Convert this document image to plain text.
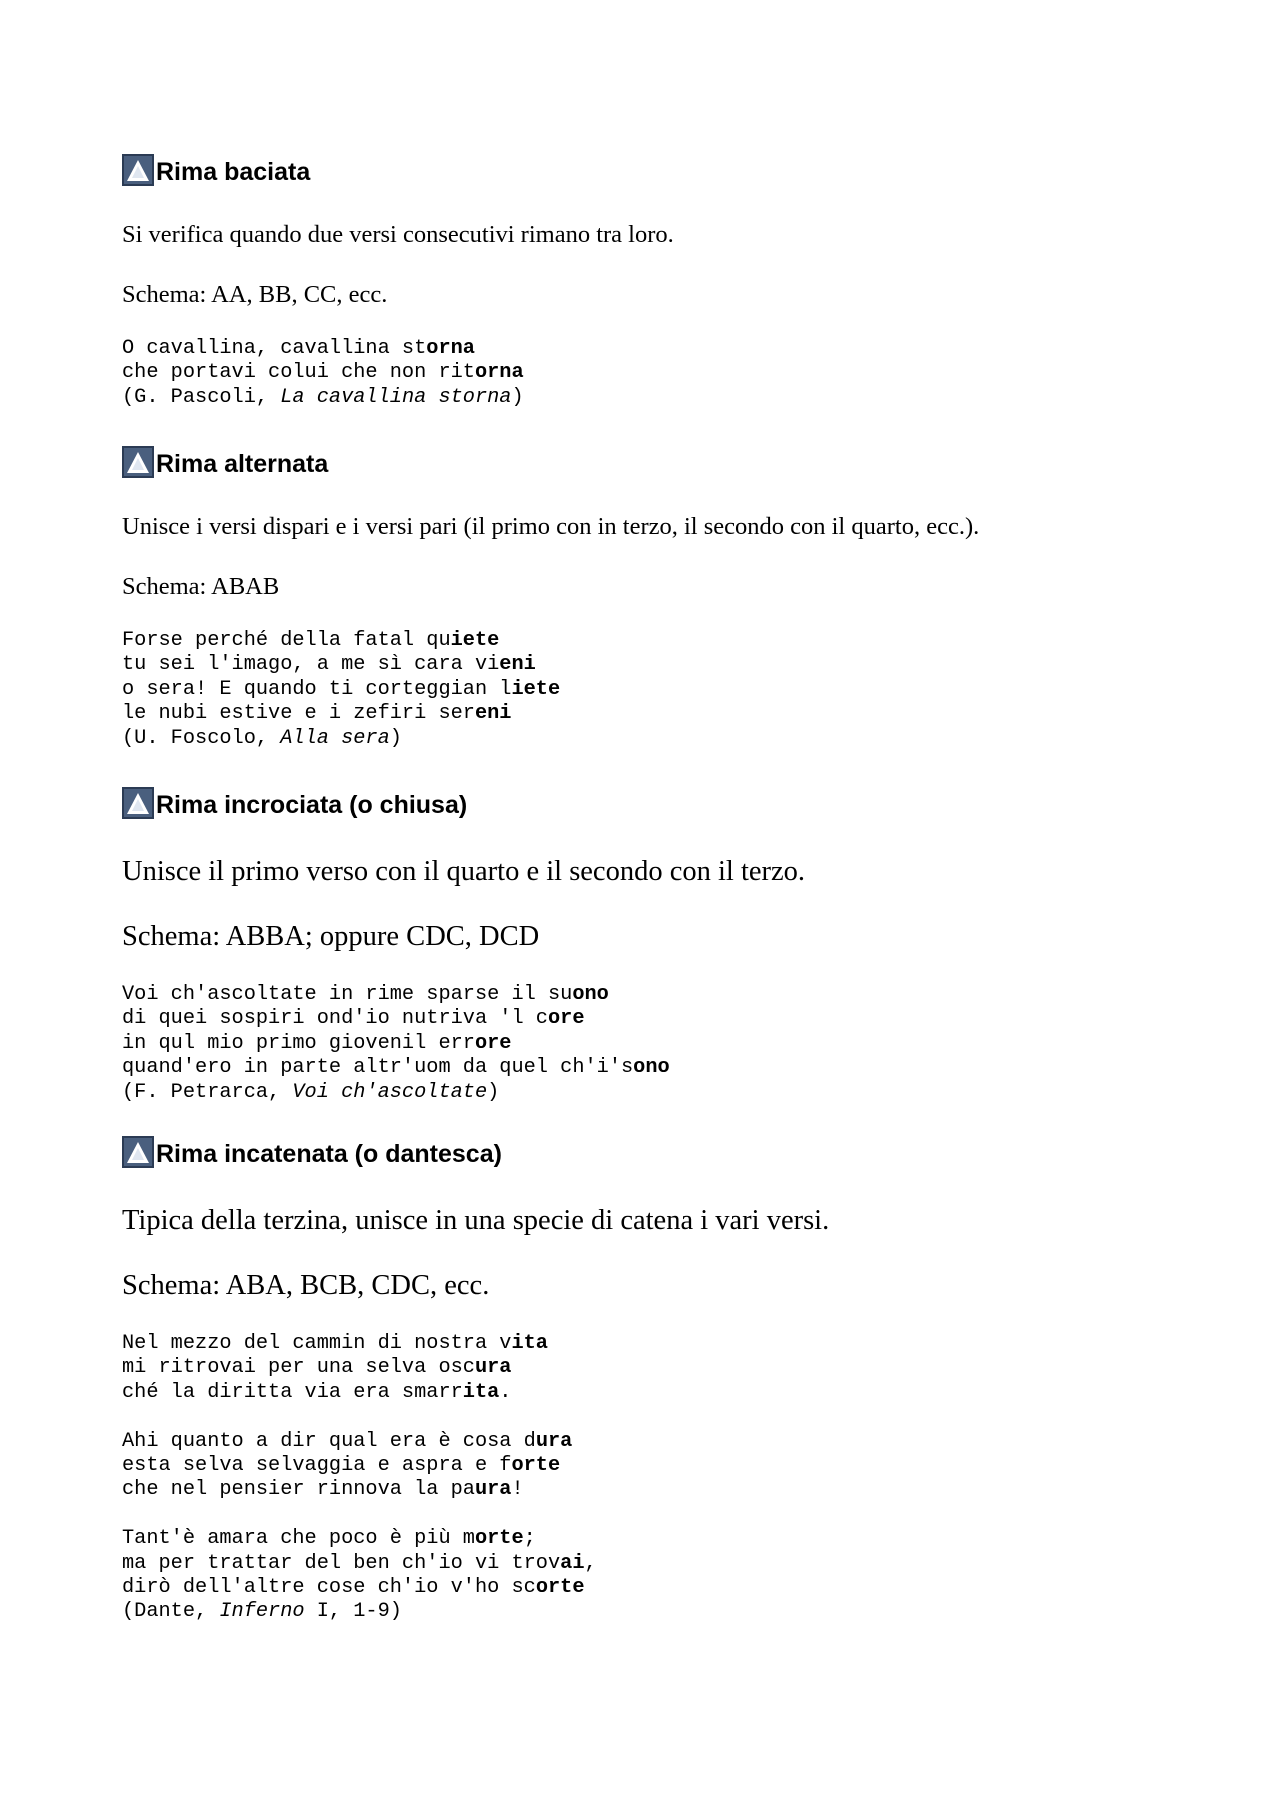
Rima baciata

Si verifica quando due versi consecutivi rimano tra loro.

Schema: AA, BB, CC, ecc.

O cavallina, cavallina storna
che portavi colui che non ritorna
(G. Pascoli, La cavallina storna)
Rima alternata

Unisce i versi dispari e i versi pari (il primo con in terzo, il secondo con il quarto, ecc.).

Schema: ABAB

Forse perché della fatal quiete
tu sei l'imago, a me sì cara vieni
o sera! E quando ti corteggian liete
le nubi estive e i zefiri sereni
(U. Foscolo, Alla sera)
Rima incrociata (o chiusa)

Unisce il primo verso con il quarto e il secondo con il terzo.

Schema: ABBA; oppure CDC, DCD

Voi ch'ascoltate in rime sparse il suono
di quei sospiri ond'io nutriva 'l core
in qul mio primo giovenil errore
quand'ero in parte altr'uom da quel ch'i'sono
(F. Petrarca, Voi ch'ascoltate)
Rima incatenata (o dantesca)

Tipica della terzina, unisce in una specie di catena i vari versi.

Schema: ABA, BCB, CDC, ecc.

Nel mezzo del cammin di nostra vita
mi ritrovai per una selva oscura
ché la diritta via era smarrita.

Ahi quanto a dir qual era è cosa dura
esta selva selvaggia e aspra e forte
che nel pensier rinnova la paura!

Tant'è amara che poco è più morte;
ma per trattar del ben ch'io vi trovai,
dirò dell'altre cose ch'io v'ho scorte
(Dante, Inferno I, 1-9)
